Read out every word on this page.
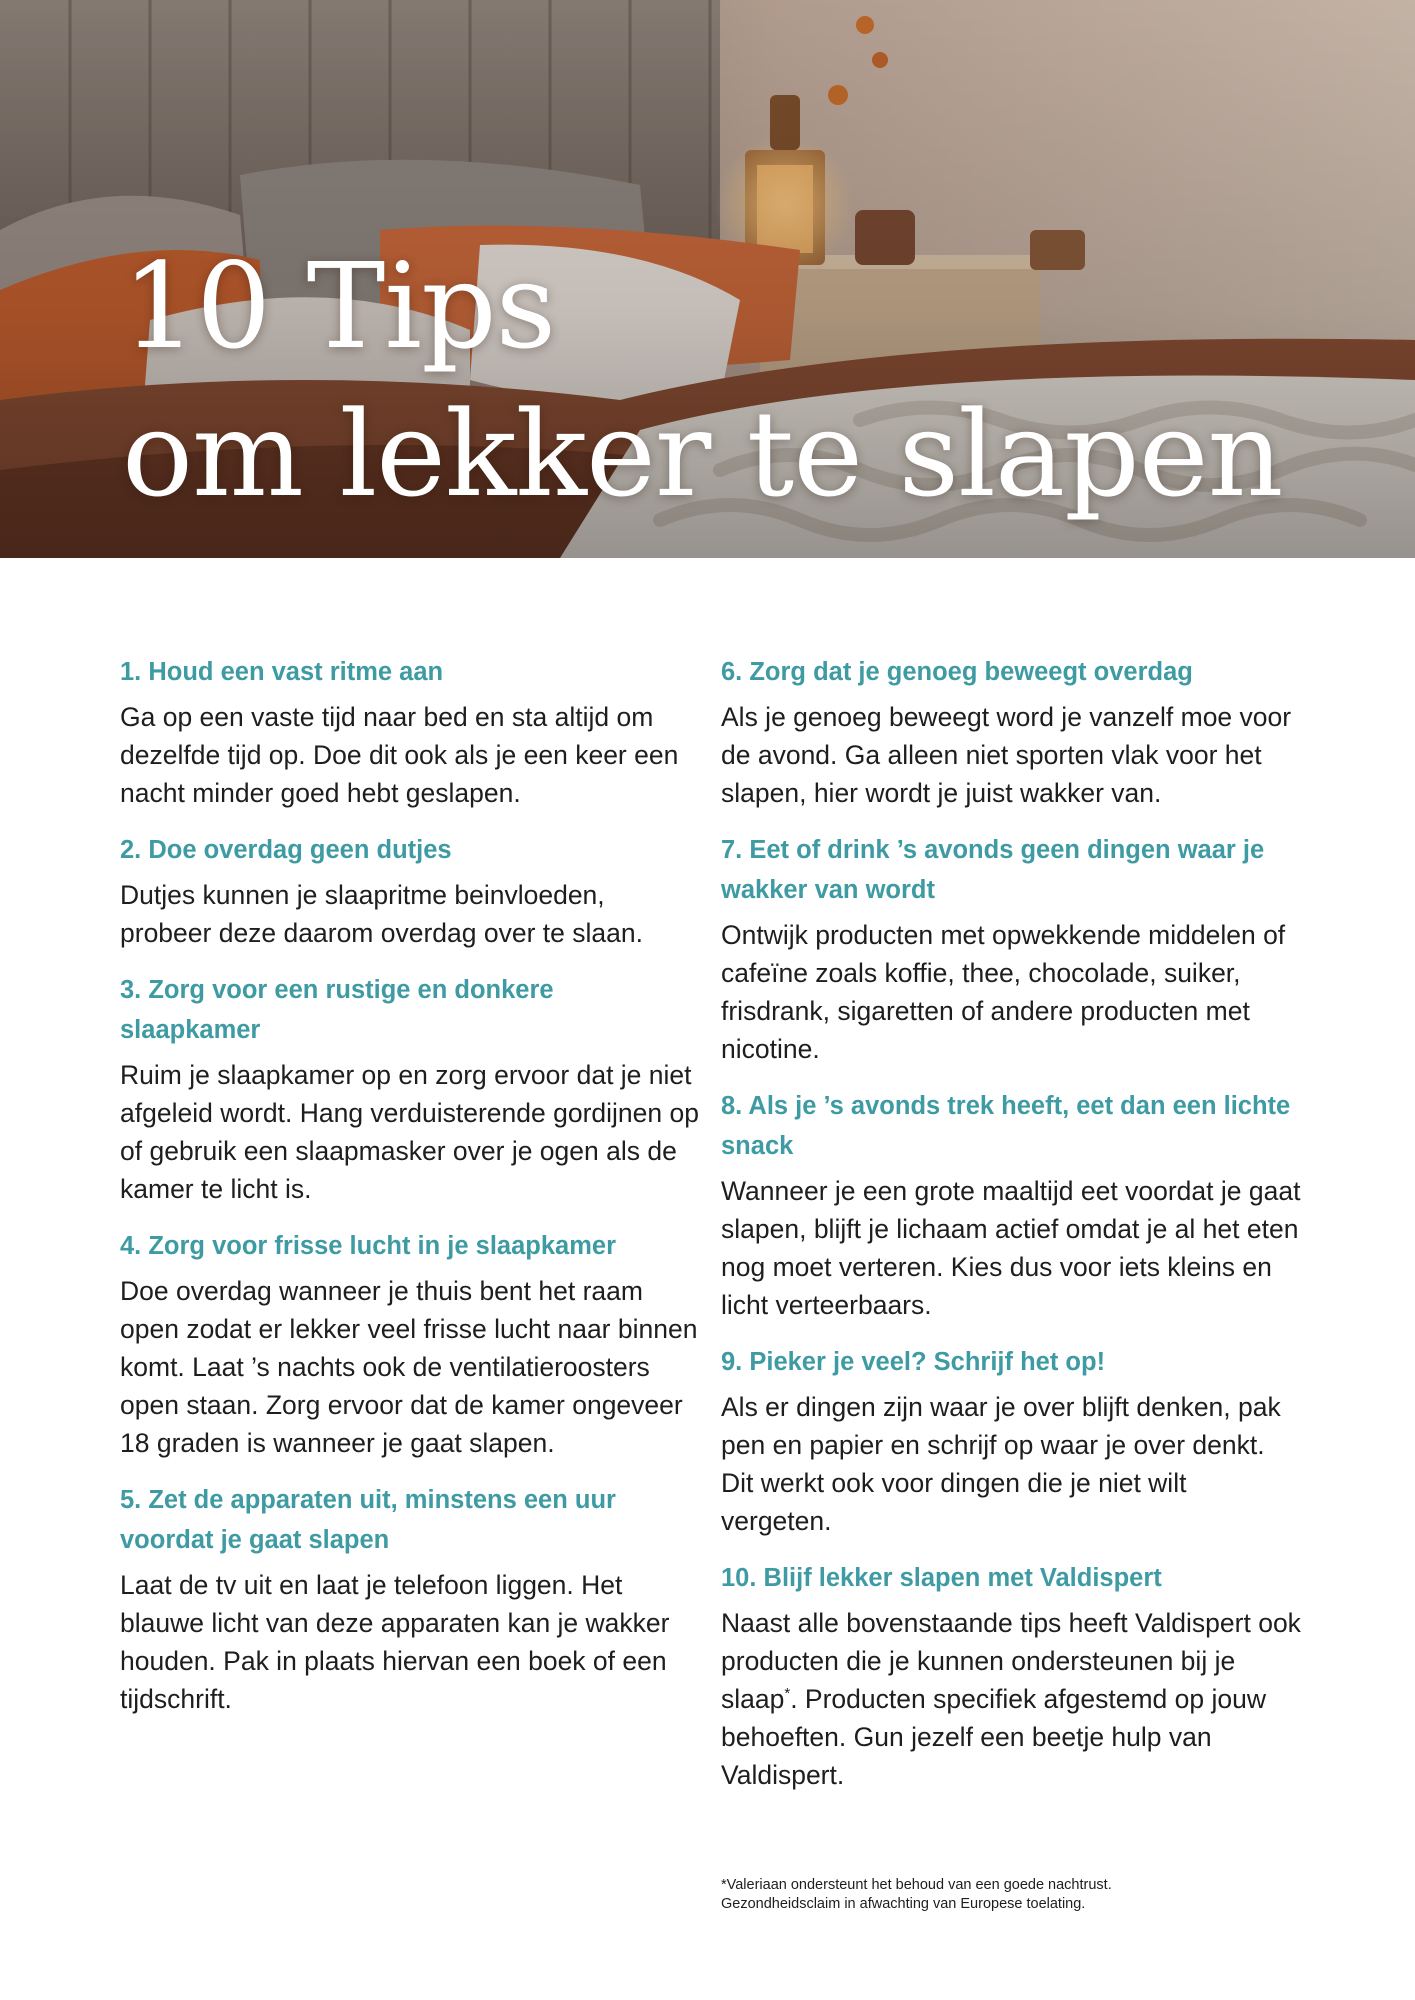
10 Tips
om lekker te slapen

1. Houd een vast ritme aan

Ga op een vaste tijd naar bed en sta altijd om dezelfde tijd op. Doe dit ook als je een keer een nacht minder goed hebt geslapen.

2. Doe overdag geen dutjes

Dutjes kunnen je slaapritme beinvloeden, probeer deze daarom overdag over te slaan.

3. Zorg voor een rustige en donkere slaapkamer

Ruim je slaapkamer op en zorg ervoor dat je niet afgeleid wordt. Hang verduisterende gordijnen op of gebruik een slaapmasker over je ogen als de kamer te licht is.

4. Zorg voor frisse lucht in je slaapkamer

Doe overdag wanneer je thuis bent het raam open zodat er lekker veel frisse lucht naar binnen komt. Laat ’s nachts ook de ventilatieroosters open staan. Zorg ervoor dat de kamer ongeveer 18 graden is wanneer je gaat slapen.

5. Zet de apparaten uit, minstens een uur voordat je gaat slapen

Laat de tv uit en laat je telefoon liggen. Het blauwe licht van deze apparaten kan je wakker houden. Pak in plaats hiervan een boek of een tijdschrift.

6. Zorg dat je genoeg beweegt overdag

Als je genoeg beweegt word je vanzelf moe voor de avond. Ga alleen niet sporten vlak voor het slapen, hier wordt je juist wakker van.

7. Eet of drink ’s avonds geen dingen waar je wakker van wordt

Ontwijk producten met opwekkende middelen of cafeïne zoals koffie, thee, chocolade, suiker, frisdrank, sigaretten of andere producten met nicotine.

8. Als je ’s avonds trek heeft, eet dan een lichte snack

Wanneer je een grote maaltijd eet voordat je gaat slapen, blijft je lichaam actief omdat je al het eten nog moet verteren. Kies dus voor iets kleins en licht verteerbaars.

9. Pieker je veel? Schrijf het op!

Als er dingen zijn waar je over blijft denken, pak pen en papier en schrijf op waar je over denkt. Dit werkt ook voor dingen die je niet wilt vergeten.

10. Blijf lekker slapen met Valdispert

Naast alle bovenstaande tips heeft Valdispert ook producten die je kunnen ondersteunen bij je slaap*. Producten specifiek afgestemd op jouw behoeften. Gun jezelf een beetje hulp van Valdispert.

*Valeriaan ondersteunt het behoud van een goede nachtrust.
Gezondheidsclaim in afwachting van Europese toelating.
